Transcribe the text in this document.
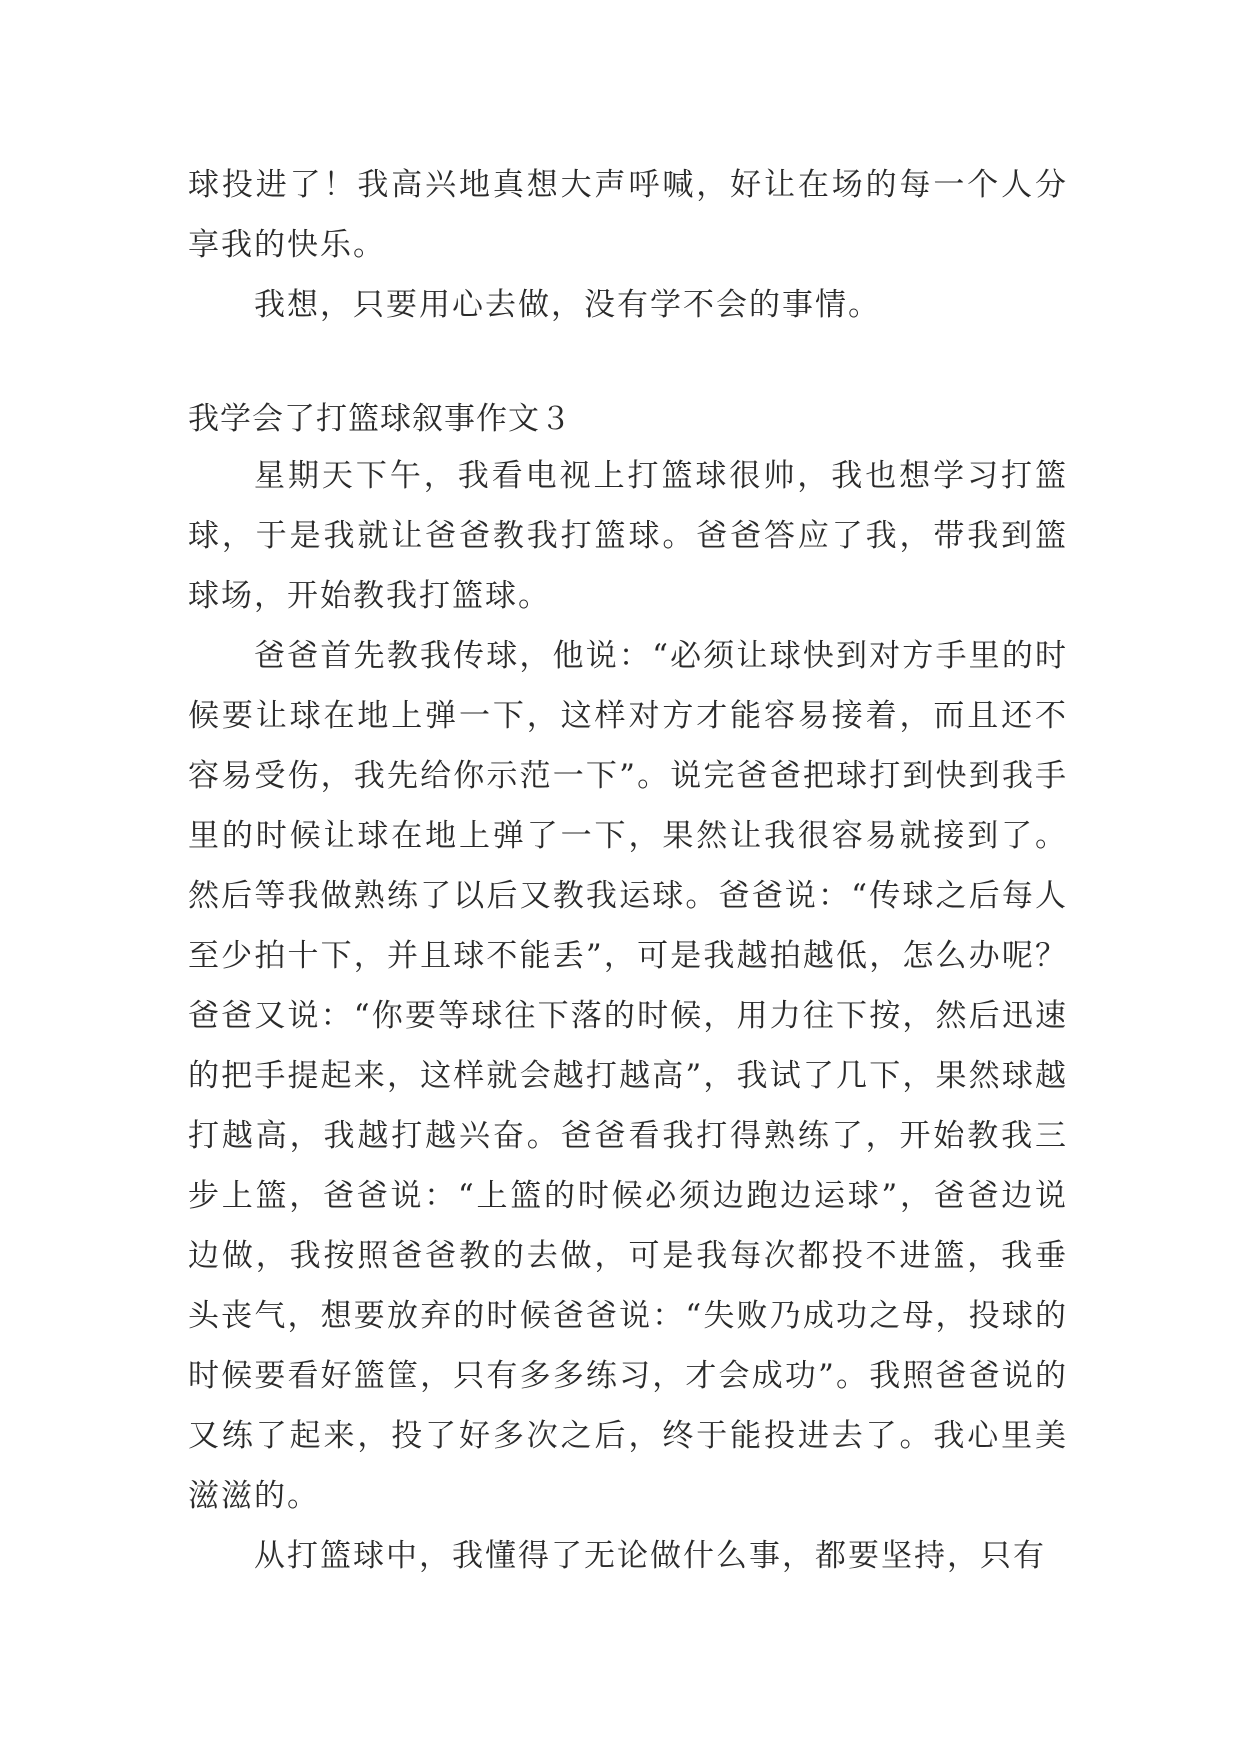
球投进了！我高兴地真想大声呼喊，好让在场的每一个人分享我的快乐。

我想，只要用心去做，没有学不会的事情。

我学会了打篮球叙事作文３

星期天下午，我看电视上打篮球很帅，我也想学习打篮球，于是我就让爸爸教我打篮球。爸爸答应了我，带我到篮球场，开始教我打篮球。

爸爸首先教我传球，他说：“必须让球快到对方手里的时候要让球在地上弹一下，这样对方才能容易接着，而且还不容易受伤，我先给你示范一下”。说完爸爸把球打到快到我手里的时候让球在地上弹了一下，果然让我很容易就接到了。然后等我做熟练了以后又教我运球。爸爸说：“传球之后每人至少拍十下，并且球不能丢”，可是我越拍越低，怎么办呢？爸爸又说：“你要等球往下落的时候，用力往下按，然后迅速的把手提起来，这样就会越打越高”，我试了几下，果然球越打越高，我越打越兴奋。爸爸看我打得熟练了，开始教我三步上篮，爸爸说：“上篮的时候必须边跑边运球”，爸爸边说边做，我按照爸爸教的去做，可是我每次都投不进篮，我垂头丧气，想要放弃的时候爸爸说：“失败乃成功之母，投球的时候要看好篮筐，只有多多练习，才会成功”。我照爸爸说的又练了起来，投了好多次之后，终于能投进去了。我心里美滋滋的。

从打篮球中，我懂得了无论做什么事，都要坚持，只有
